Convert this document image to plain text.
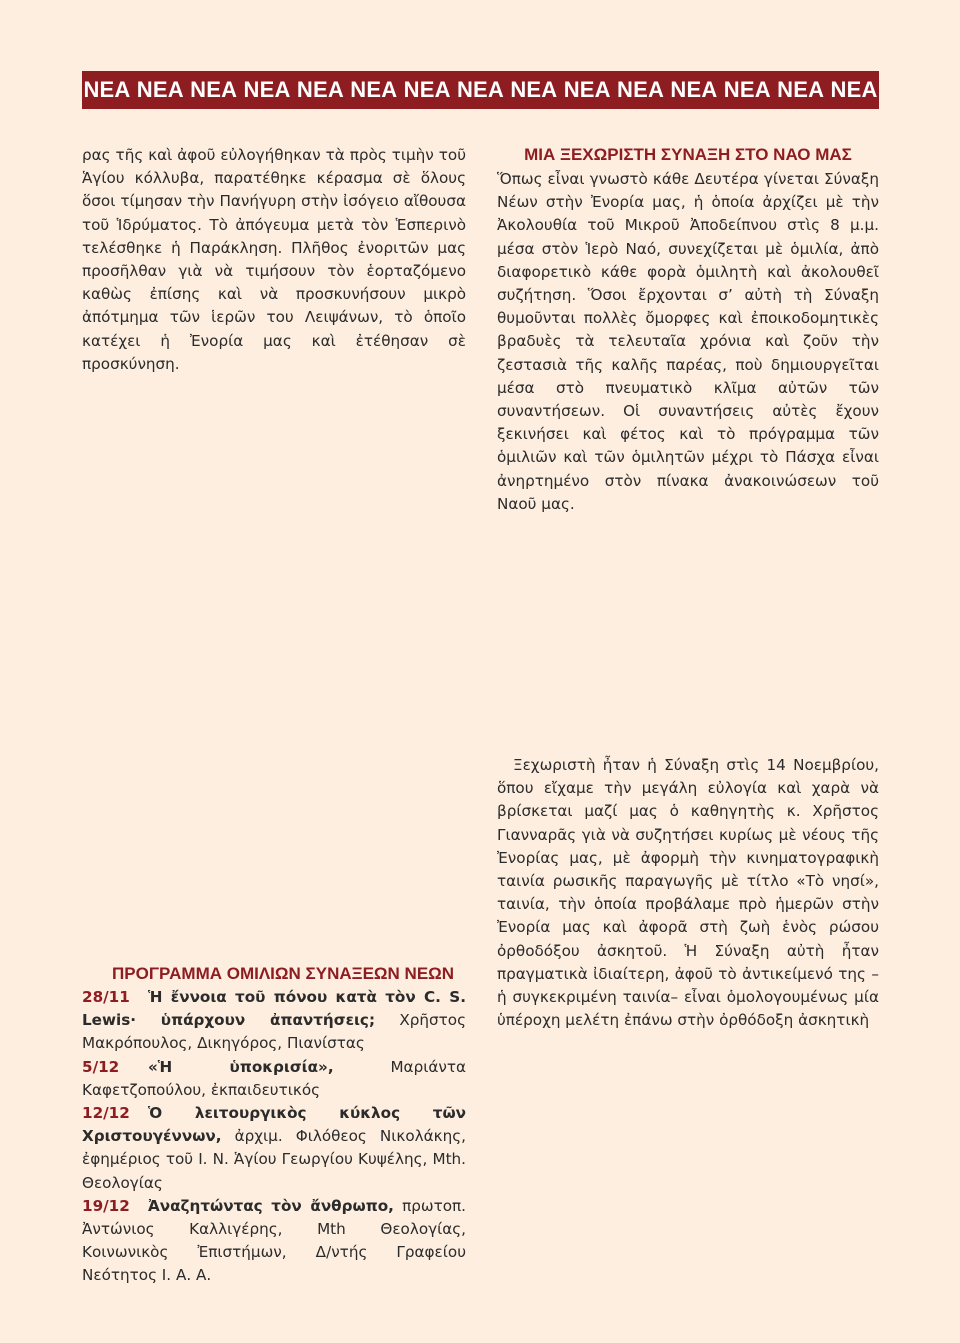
ΝΕΑ ΝΕΑ ΝΕΑ ΝΕΑ ΝΕΑ ΝΕΑ ΝΕΑ ΝΕΑ ΝΕΑ ΝΕΑ ΝΕΑ ΝΕΑ ΝΕΑ ΝΕΑ ΝΕΑ

ρας τῆς καὶ ἀφοῦ εὐλογήθηκαν τὰ πρὸς τιμὴν τοῦ Ἁγίου κόλλυβα, παρατέθηκε κέρασμα σὲ ὅλους ὅσοι τίμησαν τὴν Πανήγυρη στὴν ἰσόγειο αἴθουσα τοῦ Ἱδρύματος. Τὸ ἀπόγευμα μετὰ τὸν Ἑσπερινὸ τελέσθηκε ἡ Παράκληση. Πλῆθος ἐνοριτῶν μας προσῆλθαν γιὰ νὰ τιμήσουν τὸν ἑορταζόμενο καθὼς ἐπίσης καὶ νὰ προσκυνήσουν μικρὸ ἀπότμημα τῶν ἱερῶν του Λειψάνων, τὸ ὁποῖο κατέχει ἡ Ἐνορία μας καὶ ἐτέθησαν σὲ προσκύνηση.

ΜΙΑ ΞΕΧΩΡΙΣΤΗ ΣΥΝΑΞΗ ΣΤΟ ΝΑΟ ΜΑΣ

Ὅπως εἶναι γνωστὸ κάθε Δευτέρα γίνεται Σύναξη Νέων στὴν Ἐνορία μας, ἡ ὁποία ἀρχίζει μὲ τὴν Ἀκολουθία τοῦ Μικροῦ Ἀποδείπνου στὶς 8 μ.μ. μέσα στὸν Ἱερὸ Ναό, συνεχίζεται μὲ ὁμιλία, ἀπὸ διαφορετικὸ κάθε φορὰ ὁμιλητὴ καὶ ἀκολουθεῖ συζήτηση. Ὅσοι ἔρχονται σ’ αὐτὴ τὴ Σύναξη θυμοῦνται πολλὲς ὄμορφες καὶ ἐποικοδομητικὲς βραδυὲς τὰ τελευταῖα χρόνια καὶ ζοῦν τὴν ζεστασιὰ τῆς καλῆς παρέας, ποὺ δημιουργεῖται μέσα στὸ πνευματικὸ κλῖμα αὐτῶν τῶν συναντήσεων. Οἱ συναντήσεις αὐτὲς ἔχουν ξεκινήσει καὶ φέτος καὶ τὸ πρόγραμμα τῶν ὁμιλιῶν καὶ τῶν ὁμιλητῶν μέχρι τὸ Πάσχα εἶναι ἀνηρτημένο στὸν πίνακα ἀνακοινώσεων τοῦ Ναοῦ μας.

Ξεχωριστὴ ἦταν ἡ Σύναξη στὶς 14 Νοεμβρίου, ὅπου εἴχαμε τὴν μεγάλη εὐλογία καὶ χαρὰ νὰ βρίσκεται μαζί μας ὁ καθηγητὴς κ. Χρῆστος Γιανναρᾶς γιὰ νὰ συζητήσει κυρίως μὲ νέους τῆς Ἐνορίας μας, μὲ ἀφορμὴ τὴν κινηματογραφικὴ ταινία ρωσικῆς παραγωγῆς μὲ τίτλο «Τὸ νησί», ταινία, τὴν ὁποία προβάλαμε πρὸ ἡμερῶν στὴν Ἐνορία μας καὶ ἀφορᾶ στὴ ζωὴ ἑνὸς ρώσου ὀρθοδόξου ἀσκητοῦ. Ἡ Σύναξη αὐτὴ ἦταν πραγματικὰ ἰδιαίτερη, ἀφοῦ τὸ ἀντικείμενό της –ἡ συγκεκριμένη ταινία– εἶναι ὁμολογουμένως μία ὑπέροχη μελέτη ἐπάνω στὴν ὀρθόδοξη ἀσκητικὴ

ΠΡΟΓΡΑΜΜΑ ΟΜΙΛΙΩΝ ΣΥΝΑΞΕΩΝ ΝΕΩΝ

28/11 Ἡ ἔννοια τοῦ πόνου κατὰ τὸν C. S. Lewis· ὑπάρχουν ἀπαντήσεις; Χρῆστος Μακρόπουλος, Δικηγόρος, Πιανίστας

5/12 «Ἡ ὑποκρισία», Μαριάντα Καφετζοπούλου, ἐκπαιδευτικός

12/12 Ὁ λειτουργικὸς κύκλος τῶν Χριστουγέννων, ἀρχιμ. Φιλόθεος Νικολάκης, ἐφημέριος τοῦ Ι. Ν. Ἁγίου Γεωργίου Κυψέλης, Mth. Θεολογίας

19/12 Ἀναζητώντας τὸν ἄνθρωπο, πρωτοπ. Ἀντώνιος Καλλιγέρης, Mth Θεολογίας, Κοινωνικὸς Ἐπιστήμων, Δ/ντής Γραφείου Νεότητος Ι. Α. Α.
